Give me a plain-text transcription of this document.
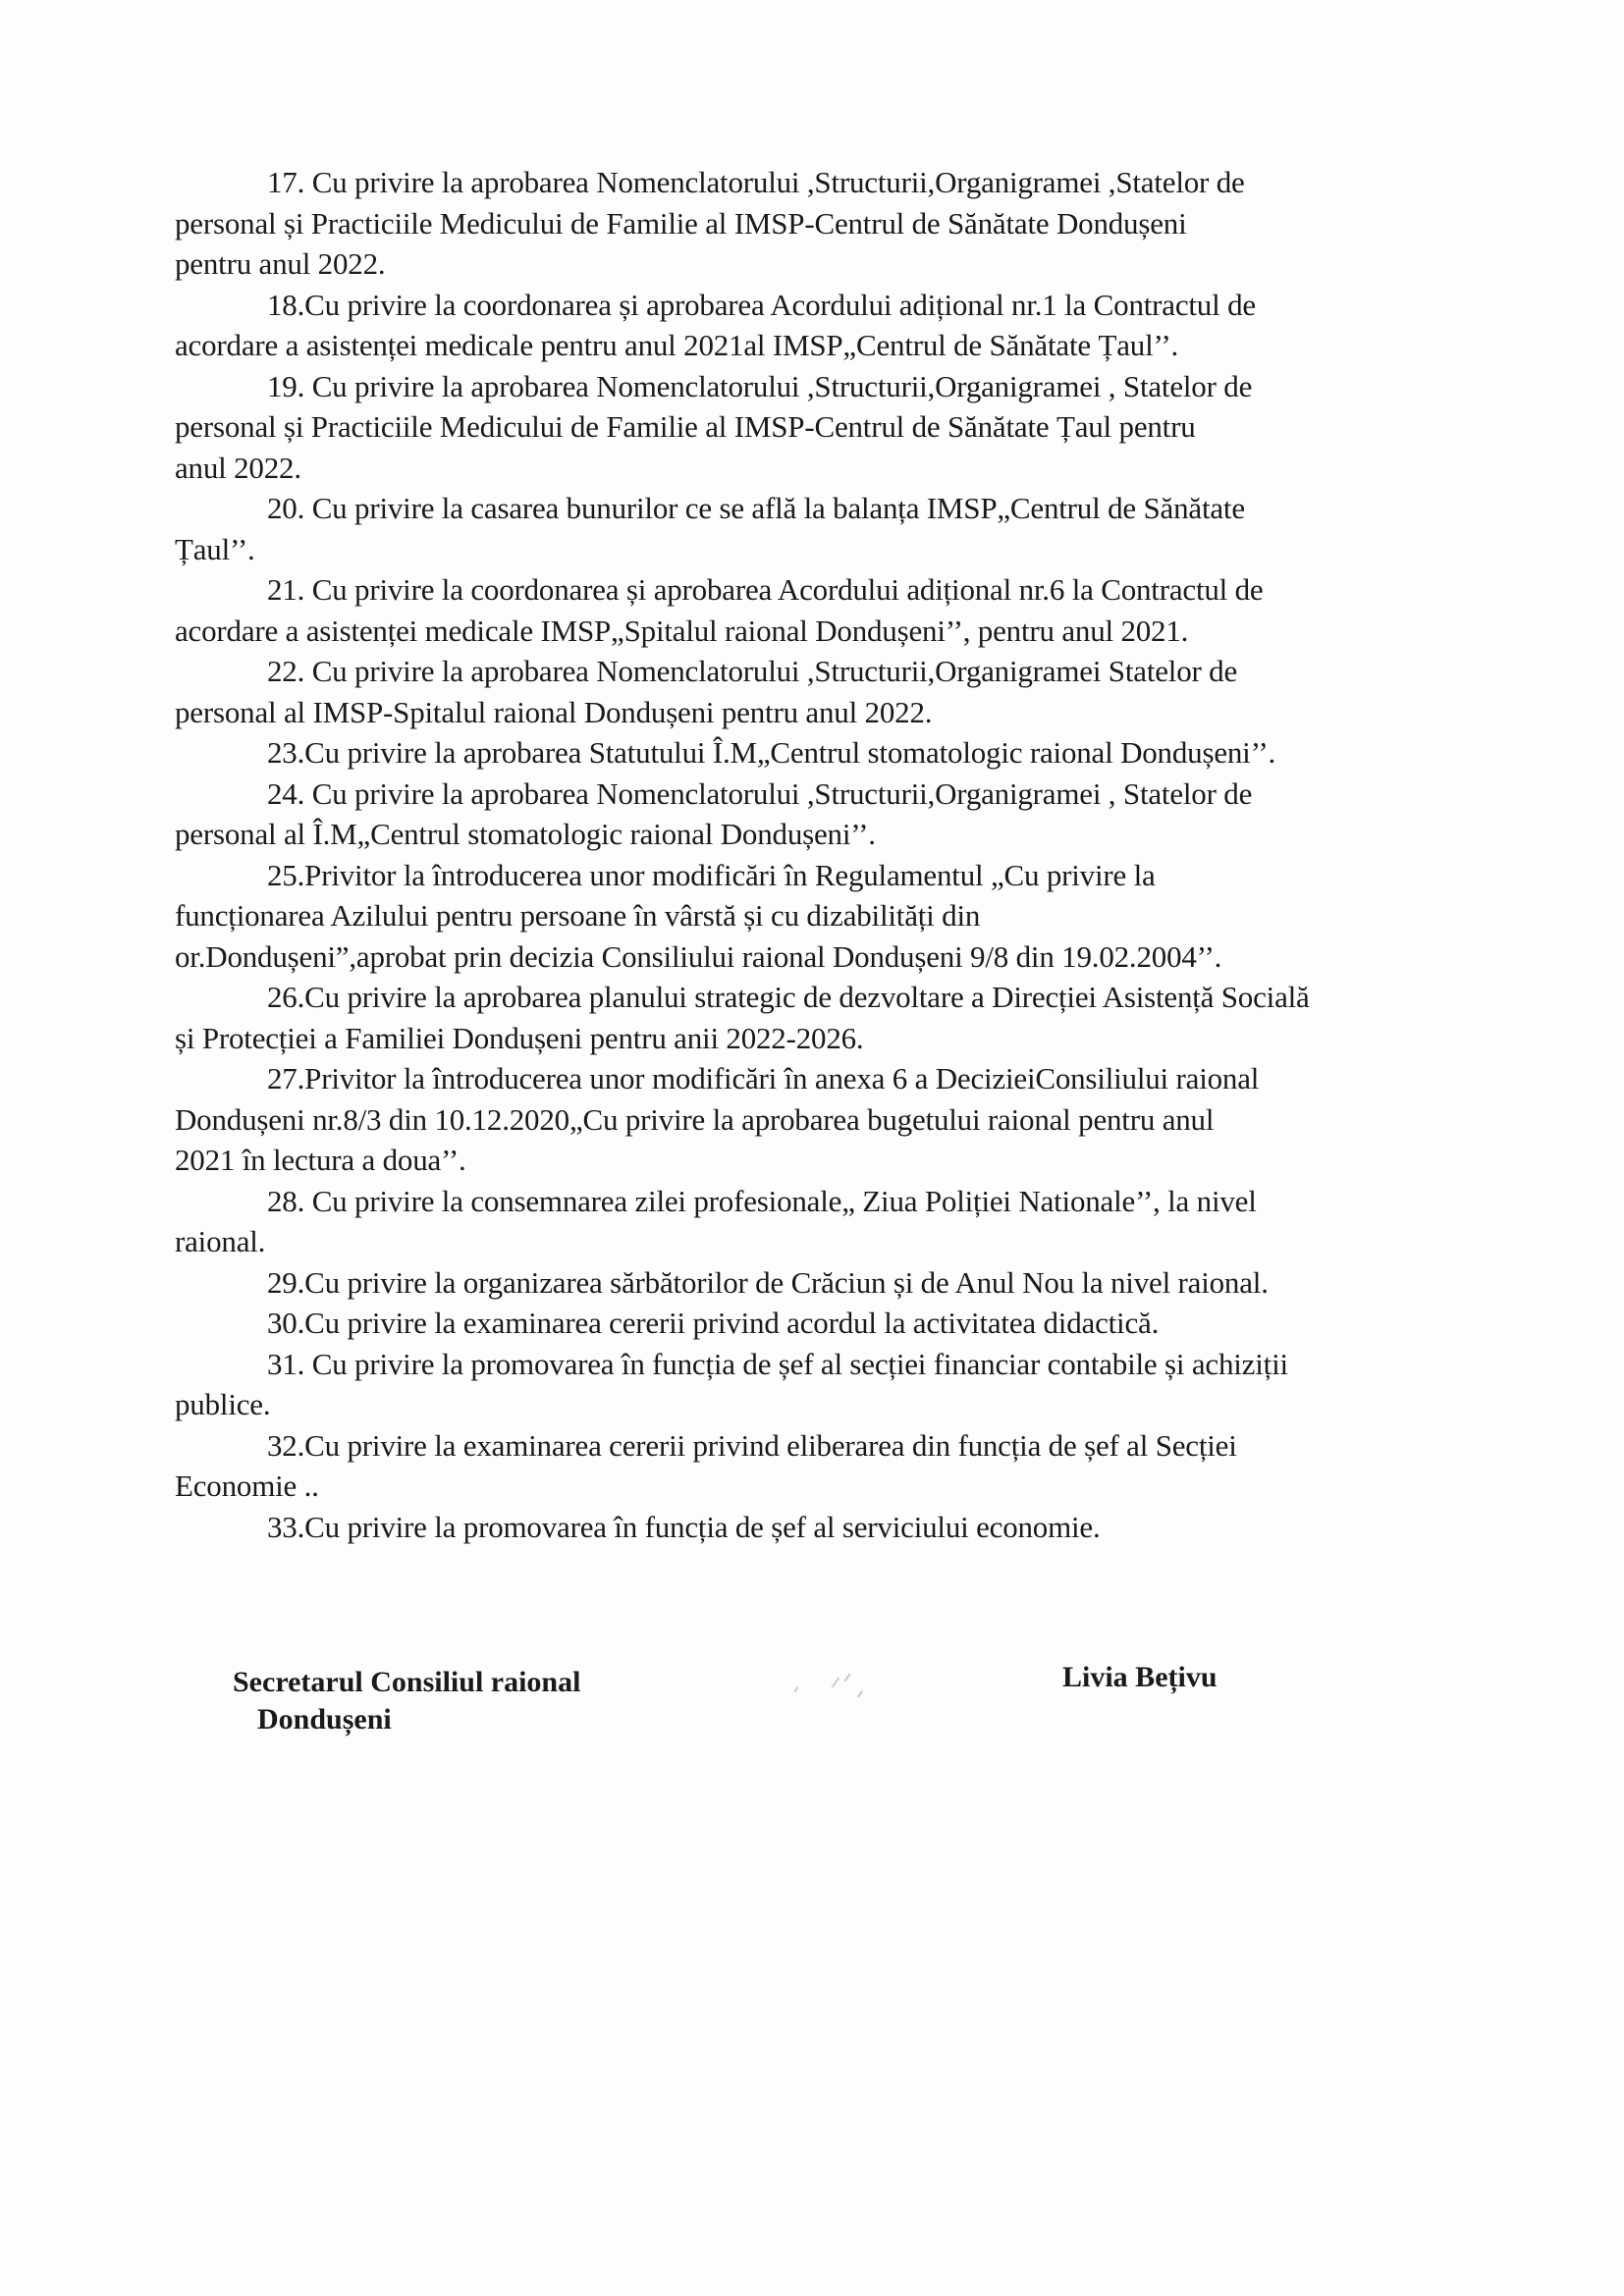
17. Cu privire la aprobarea Nomenclatorului ,Structurii,Organigramei ,Statelor de
personal și Practiciile Medicului de Familie al IMSP-Centrul de Sănătate Dondușeni
pentru anul 2022.
18.Cu privire la coordonarea și aprobarea Acordului adițional nr.1 la Contractul de
acordare a asistenței medicale pentru anul 2021al IMSP„Centrul de Sănătate Țaul’’.
19. Cu privire la aprobarea Nomenclatorului ,Structurii,Organigramei , Statelor de
personal și Practiciile Medicului de Familie al IMSP-Centrul de Sănătate Țaul pentru
anul 2022.
20. Cu privire la casarea bunurilor ce se află la balanța IMSP„Centrul de Sănătate
Țaul’’.
21. Cu privire la coordonarea și aprobarea Acordului adițional nr.6 la Contractul de
acordare a asistenței medicale IMSP„Spitalul raional Dondușeni’’, pentru anul 2021.
22. Cu privire la aprobarea Nomenclatorului ,Structurii,Organigramei Statelor de
personal al IMSP-Spitalul raional Dondușeni pentru anul 2022.
23.Cu privire la aprobarea Statutului Î.M„Centrul stomatologic raional Dondușeni’’.
24. Cu privire la aprobarea Nomenclatorului ,Structurii,Organigramei , Statelor de
personal al Î.M„Centrul stomatologic raional Dondușeni’’.
25.Privitor la întroducerea unor modificări în Regulamentul „Cu privire la
funcționarea Azilului pentru persoane în vârstă și cu dizabilități din
or.Dondușeni”,aprobat prin decizia Consiliului raional Dondușeni 9/8 din 19.02.2004’’.
26.Cu privire la aprobarea planului strategic de dezvoltare a Direcției Asistență Socială
și Protecției a Familiei Dondușeni pentru anii 2022-2026.
27.Privitor la întroducerea unor modificări în anexa 6 a DecizieiConsiliului raional
Dondușeni nr.8/3 din 10.12.2020„Cu privire la aprobarea bugetului raional pentru anul
2021 în lectura a doua’’.
28. Cu privire la consemnarea zilei profesionale„ Ziua Poliției Nationale’’, la nivel
raional.
29.Cu privire la organizarea sărbătorilor de Crăciun și de Anul Nou la nivel raional.
30.Cu privire la examinarea cererii privind acordul la activitatea didactică.
31. Cu privire la promovarea în funcția de șef al secției financiar contabile și achiziții
publice.
32.Cu privire la examinarea cererii privind eliberarea din funcția de șef al Secției
Economie ..
33.Cu privire la promovarea în funcția de șef al serviciului economie.
Secretarul Consiliul raional
Dondușeni
Livia Bețivu
